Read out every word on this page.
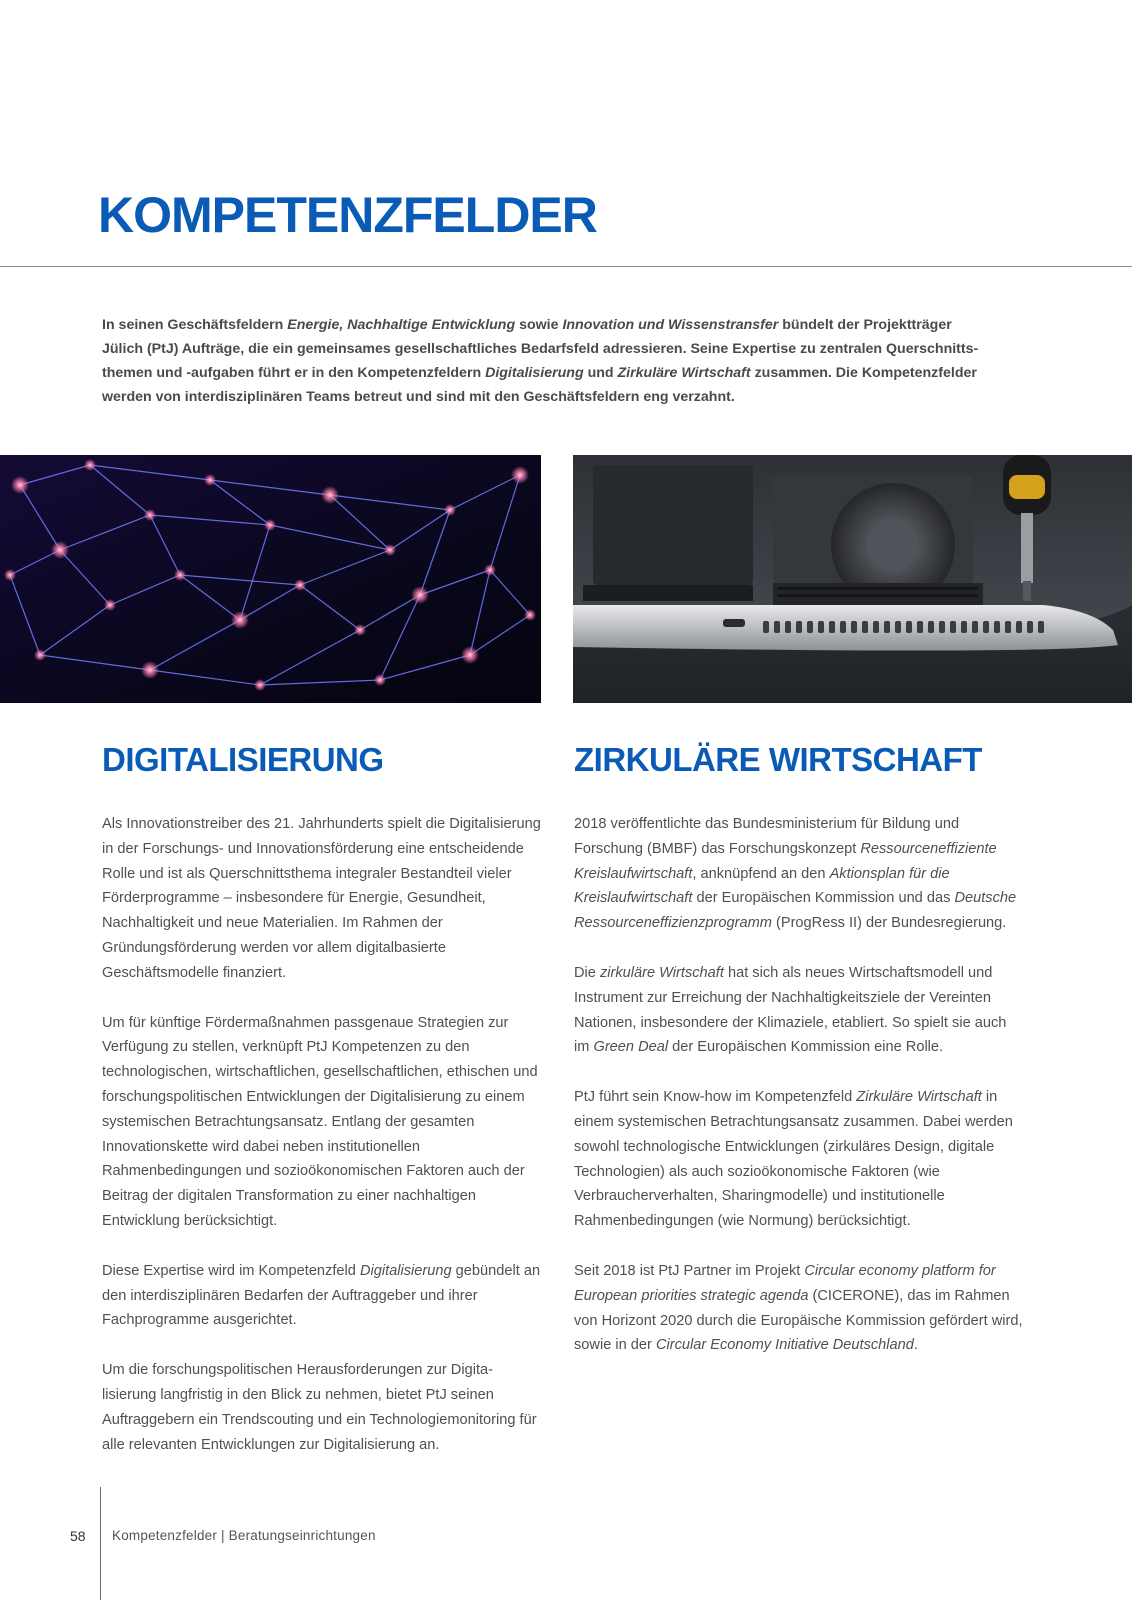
KOMPETENZFELDER

In seinen Geschäftsfeldern Energie, Nachhaltige Entwicklung sowie Innovation und Wissenstransfer bündelt der Projektträger Jülich (PtJ) Aufträge, die ein gemeinsames gesellschaftliches Bedarfsfeld adressieren. Seine Expertise zu zentralen Querschnittsthemen und -aufgaben führt er in den Kompetenzfeldern Digitalisierung und Zirkuläre Wirtschaft zusammen. Die Kompetenzfelder werden von interdisziplinären Teams betreut und sind mit den Geschäftsfeldern eng verzahnt.

DIGITALISIERUNG

Als Innovationstreiber des 21. Jahrhunderts spielt die Digitalisierung in der Forschungs- und Innovationsförderung eine entscheidende Rolle und ist als Querschnittsthema integraler Bestandteil vieler Förderprogramme – insbesondere für Energie, Gesundheit, Nachhaltigkeit und neue Materialien. Im Rahmen der Gründungsförderung werden vor allem digitalbasierte Geschäftsmodelle finanziert.

Um für künftige Fördermaßnahmen passgenaue Strategien zur Verfügung zu stellen, verknüpft PtJ Kompetenzen zu den technologischen, wirtschaftlichen, gesellschaftlichen, ethischen und forschungspolitischen Entwicklungen der Digitalisierung zu einem systemischen Betrachtungsansatz. Entlang der gesamten Innovationskette wird dabei neben institutionellen Rahmenbedingungen und sozioökonomischen Faktoren auch der Beitrag der digitalen Transformation zu einer nachhaltigen Entwicklung berücksichtigt.

Diese Expertise wird im Kompetenzfeld Digitalisierung gebündelt an den interdisziplinären Bedarfen der Auftraggeber und ihrer Fachprogramme ausgerichtet.

Um die forschungspolitischen Herausforderungen zur Digitalisierung langfristig in den Blick zu nehmen, bietet PtJ seinen Auftraggebern ein Trendscouting und ein Technologiemonitoring für alle relevanten Entwicklungen zur Digitalisierung an.

ZIRKULÄRE WIRTSCHAFT

2018 veröffentlichte das Bundesministerium für Bildung und Forschung (BMBF) das Forschungskonzept Ressourceneffiziente Kreislaufwirtschaft, anknüpfend an den Aktionsplan für die Kreislaufwirtschaft der Europäischen Kommission und das Deutsche Ressourceneffizienzprogramm (ProgRess II) der Bundesregierung.

Die zirkuläre Wirtschaft hat sich als neues Wirtschaftsmodell und Instrument zur Erreichung der Nachhaltigkeitsziele der Vereinten Nationen, insbesondere der Klimaziele, etabliert. So spielt sie auch im Green Deal der Europäischen Kommission eine Rolle.

PtJ führt sein Know-how im Kompetenzfeld Zirkuläre Wirtschaft in einem systemischen Betrachtungsansatz zusammen. Dabei werden sowohl technologische Entwicklungen (zirkuläres Design, digitale Technologien) als auch sozioökonomische Faktoren (wie Verbraucherverhalten, Sharingmodelle) und institutionelle Rahmenbedingungen (wie Normung) berücksichtigt.

Seit 2018 ist PtJ Partner im Projekt Circular economy platform for European priorities strategic agenda (CICERONE), das im Rahmen von Horizont 2020 durch die Europäische Kommission gefördert wird, sowie in der Circular Economy Initiative Deutschland.

58 Kompetenzfelder | Beratungseinrichtungen
